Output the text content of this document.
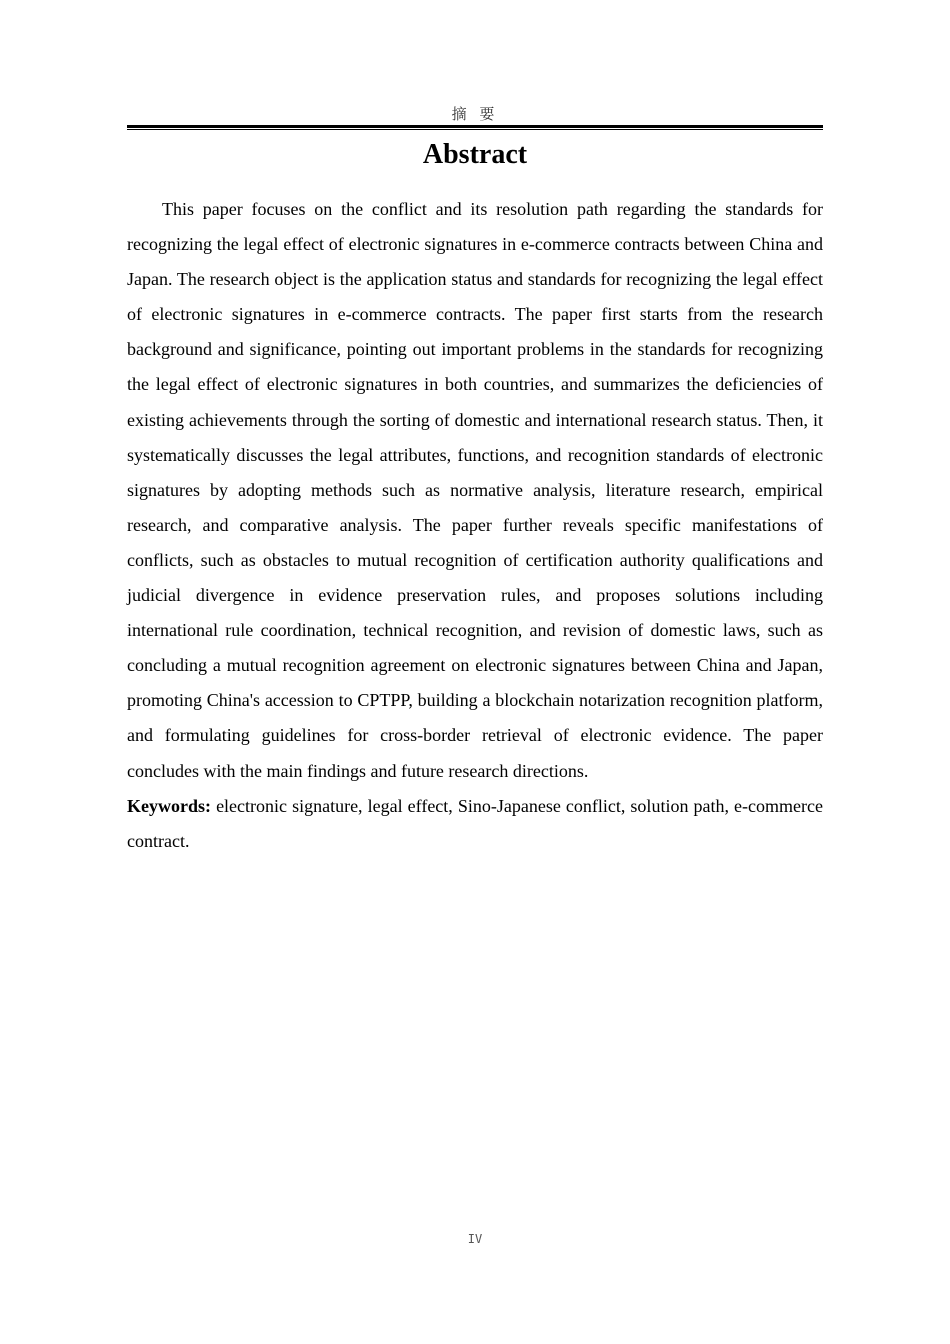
摘 要
Abstract

This paper focuses on the conflict and its resolution path regarding the standards for recognizing the legal effect of electronic signatures in e-commerce contracts between China and Japan. The research object is the application status and standards for recognizing the legal effect of electronic signatures in e-commerce contracts. The paper first starts from the research background and significance, pointing out important problems in the standards for recognizing the legal effect of electronic signatures in both countries, and summarizes the deficiencies of existing achievements through the sorting of domestic and international research status. Then, it systematically discusses the legal attributes, functions, and recognition standards of electronic signatures by adopting methods such as normative analysis, literature research, empirical research, and comparative analysis. The paper further reveals specific manifestations of conflicts, such as obstacles to mutual recognition of certification authority qualifications and judicial divergence in evidence preservation rules, and proposes solutions including international rule coordination, technical recognition, and revision of domestic laws, such as concluding a mutual recognition agreement on electronic signatures between China and Japan, promoting China's accession to CPTPP, building a blockchain notarization recognition platform, and formulating guidelines for cross-border retrieval of electronic evidence. The paper concludes with the main findings and future research directions.

Keywords: electronic signature, legal effect, Sino-Japanese conflict, solution path, e-commerce contract.

IV
